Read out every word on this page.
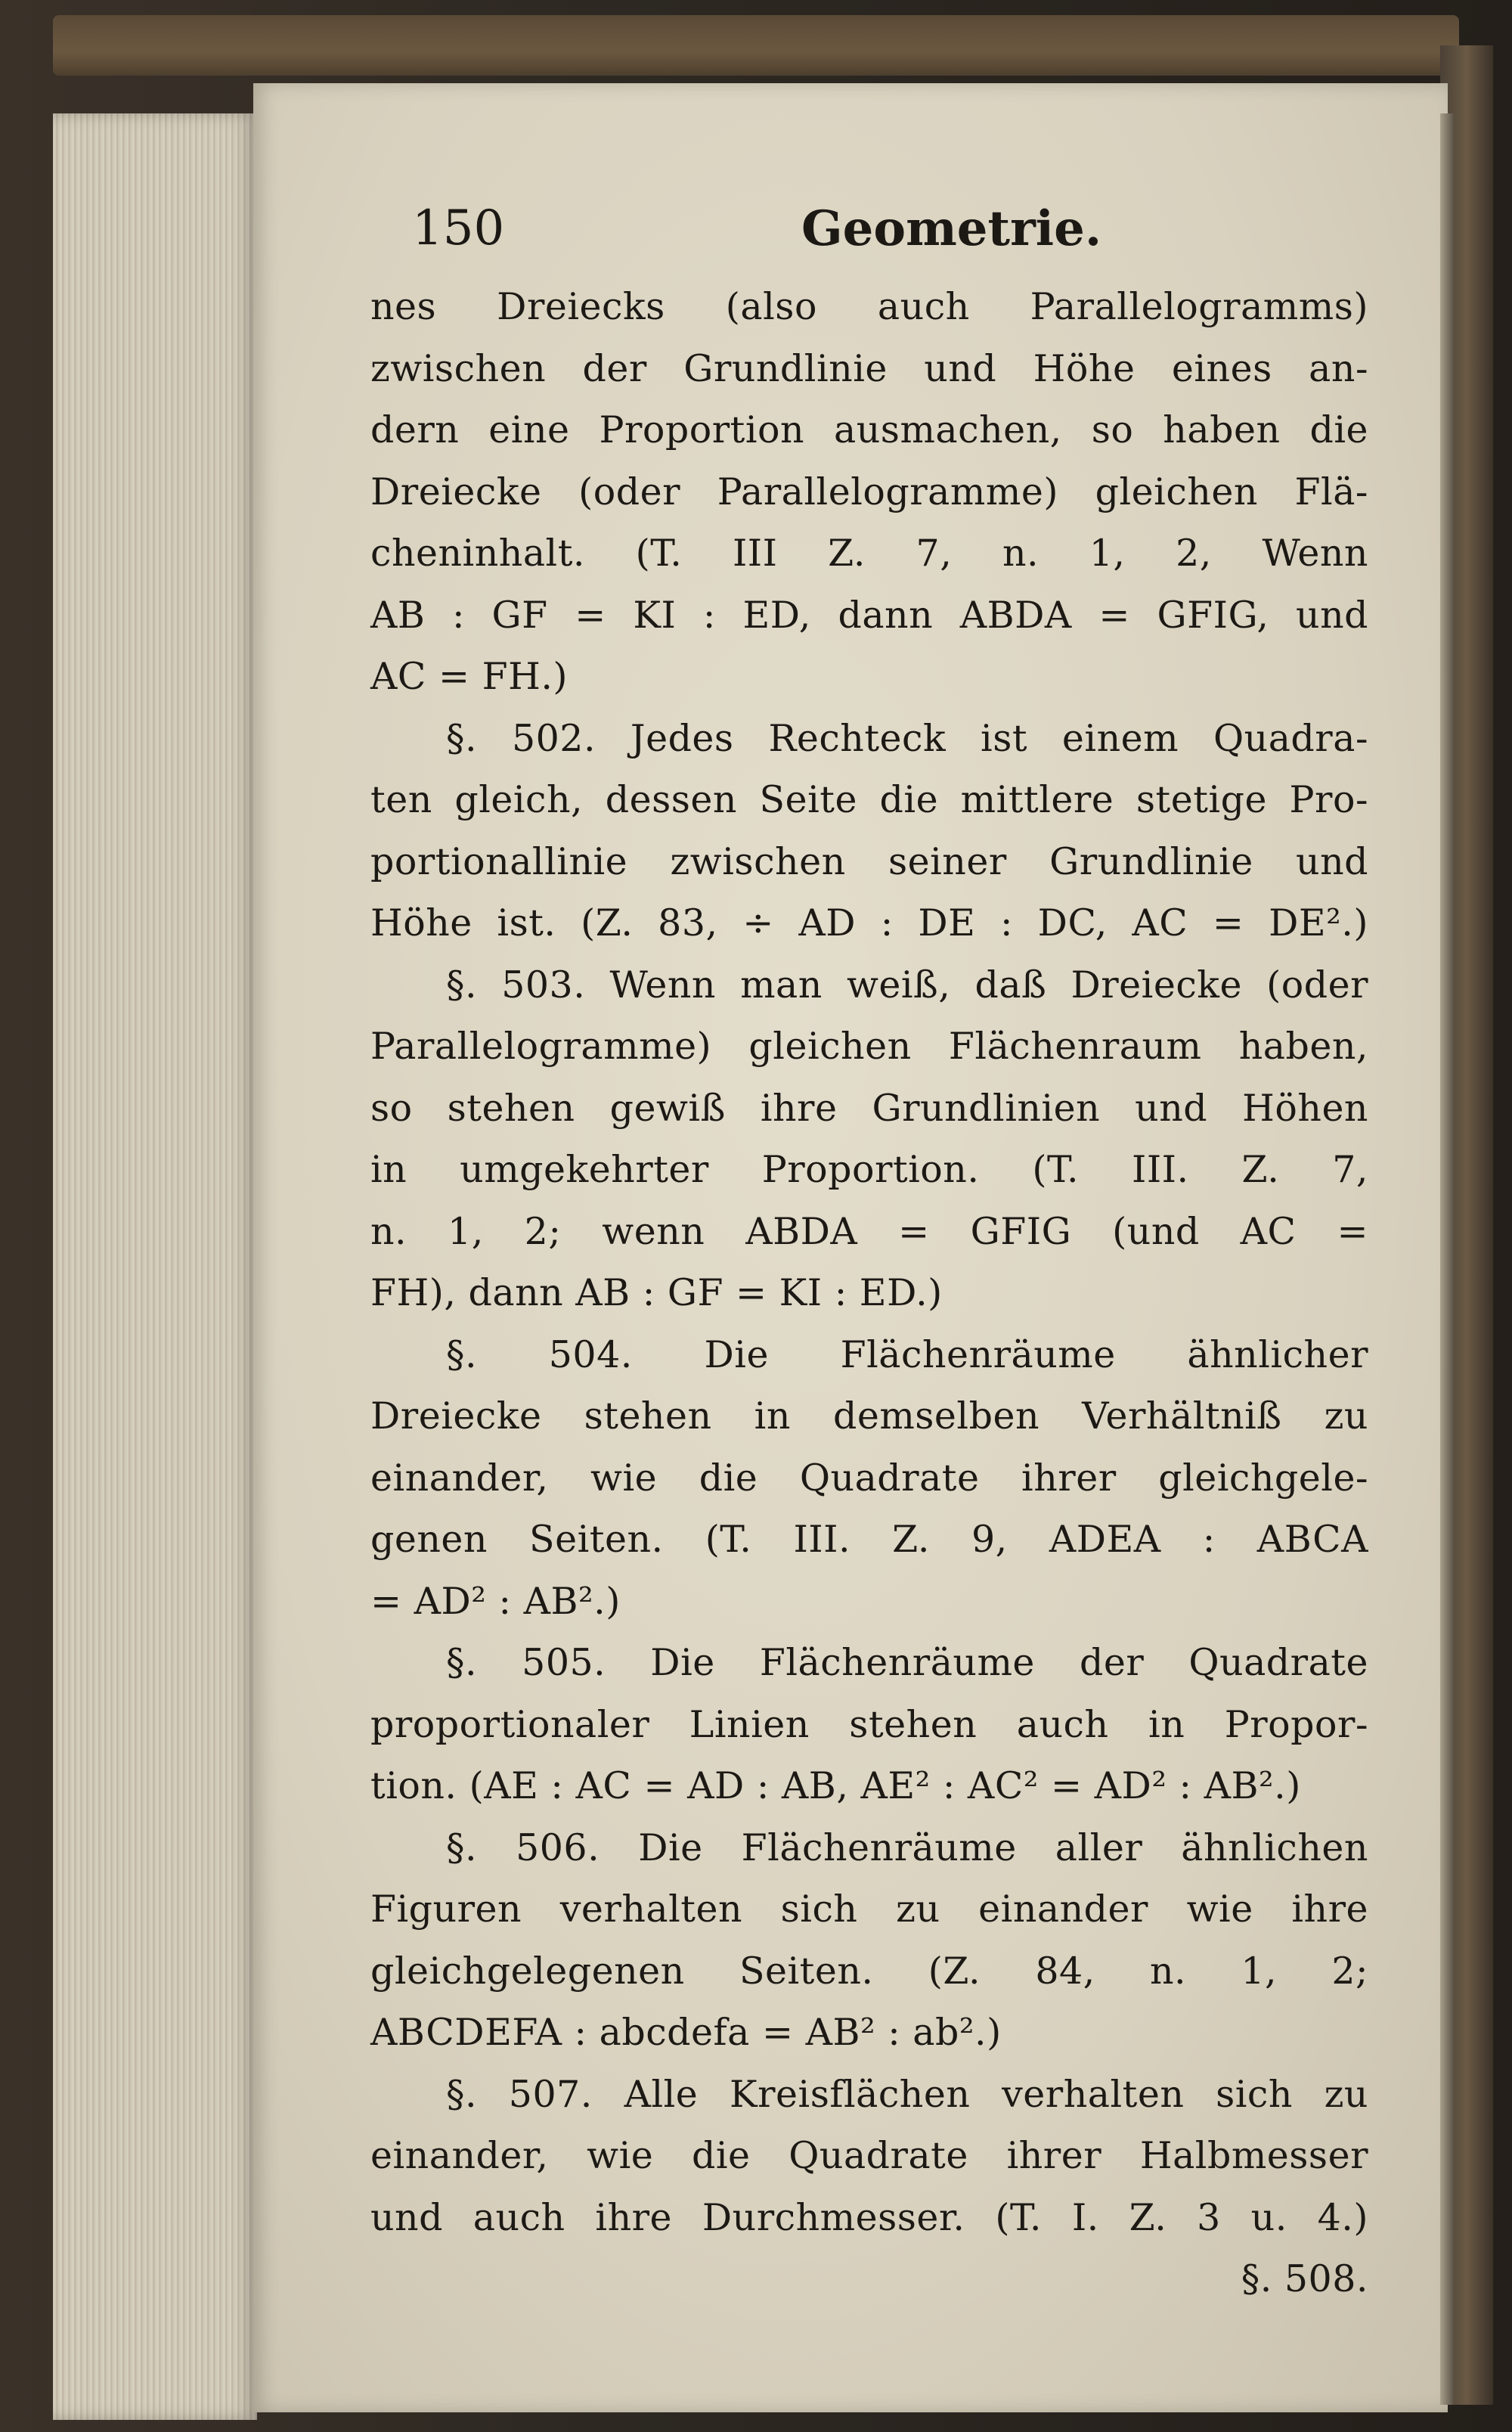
150	Geometrie.
nes Dreiecks (also auch Parallelogramms)
zwischen der Grundlinie und Höhe eines an-
dern eine Proportion ausmachen, so haben die
Dreiecke (oder Parallelogramme) gleichen Flä-
cheninhalt. (T. III Z. 7, n. 1, 2, Wenn
AB : GF = KI : ED, dann ABDA = GFIG, und
AC = FH.)
§. 502. Jedes Rechteck ist einem Quadra-
ten gleich, dessen Seite die mittlere stetige Pro-
portionallinie zwischen seiner Grundlinie und
Höhe ist. (Z. 83, ÷ AD : DE : DC, AC = DE².)
§. 503. Wenn man weiß, daß Dreiecke (oder
Parallelogramme) gleichen Flächenraum haben,
so stehen gewiß ihre Grundlinien und Höhen
in umgekehrter Proportion. (T. III. Z. 7,
n. 1, 2; wenn ABDA = GFIG (und AC =
FH), dann AB : GF = KI : ED.)
§. 504. Die Flächenräume ähnlicher
Dreiecke stehen in demselben Verhältniß zu
einander, wie die Quadrate ihrer gleichgele-
genen Seiten. (T. III. Z. 9, ADEA : ABCA
= AD² : AB².)
§. 505. Die Flächenräume der Quadrate
proportionaler Linien stehen auch in Propor-
tion. (AE : AC = AD : AB, AE² : AC² = AD² : AB².)
§. 506. Die Flächenräume aller ähnlichen
Figuren verhalten sich zu einander wie ihre
gleichgelegenen Seiten. (Z. 84, n. 1, 2;
ABCDEFA : abcdefa = AB² : ab².)
§. 507. Alle Kreisflächen verhalten sich zu
einander, wie die Quadrate ihrer Halbmesser
und auch ihre Durchmesser. (T. I. Z. 3 u. 4.)
§. 508.
